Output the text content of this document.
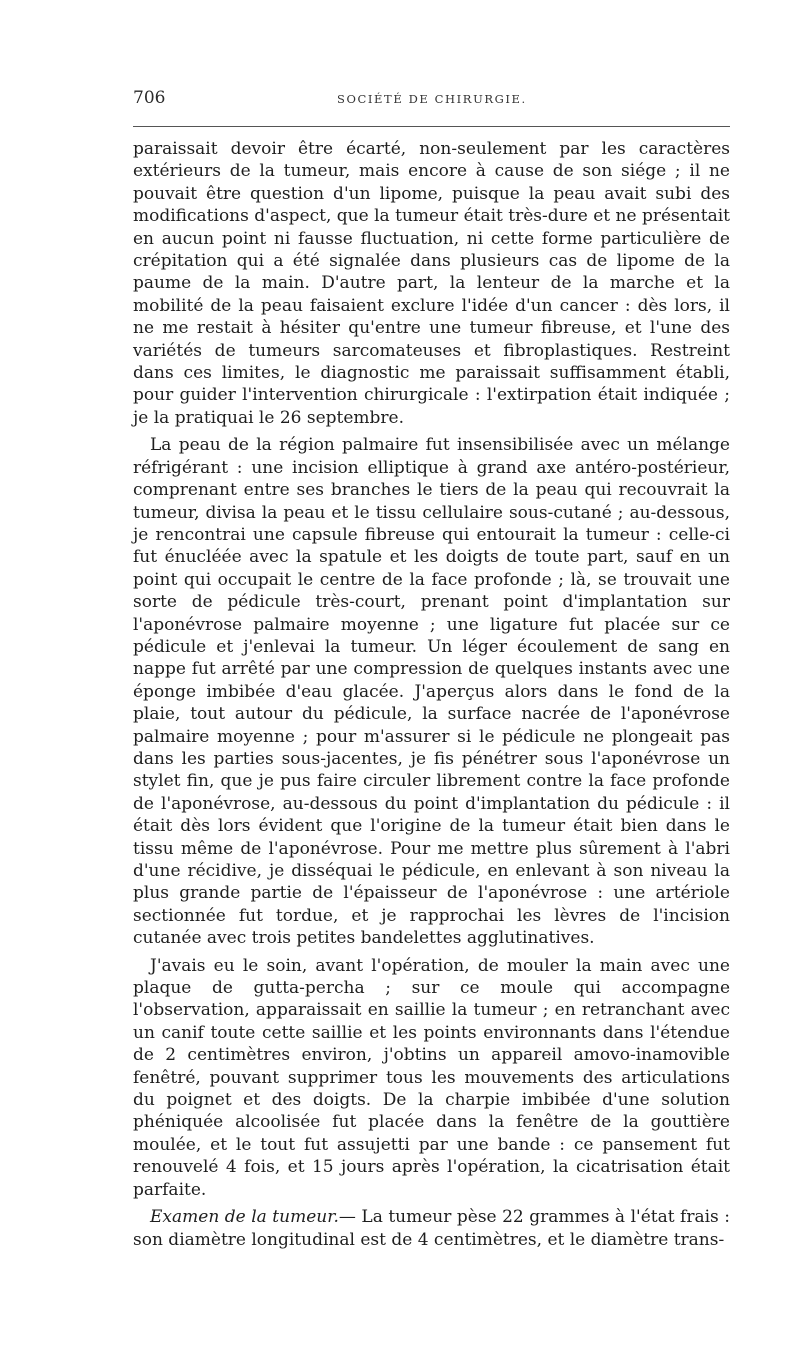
706	SOCIÉTÉ DE CHIRURGIE.

paraissait devoir être écarté, non-seulement par les caractères extérieurs de la tumeur, mais encore à cause de son siége ; il ne pouvait être question d'un lipome, puisque la peau avait subi des modifications d'aspect, que la tumeur était très-dure et ne présentait en aucun point ni fausse fluctuation, ni cette forme particulière de crépitation qui a été signalée dans plusieurs cas de lipome de la paume de la main. D'autre part, la lenteur de la marche et la mobilité de la peau faisaient exclure l'idée d'un cancer : dès lors, il ne me restait à hésiter qu'entre une tumeur fibreuse, et l'une des variétés de tumeurs sarcomateuses et fibroplastiques. Restreint dans ces limites, le diagnostic me paraissait suffisamment établi, pour guider l'intervention chirurgicale : l'extirpation était indiquée ; je la pratiquai le 26 septembre.

La peau de la région palmaire fut insensibilisée avec un mélange réfrigérant : une incision elliptique à grand axe antéro-postérieur, comprenant entre ses branches le tiers de la peau qui recouvrait la tumeur, divisa la peau et le tissu cellulaire sous-cutané ; au-dessous, je rencontrai une capsule fibreuse qui entourait la tumeur : celle-ci fut énucléée avec la spatule et les doigts de toute part, sauf en un point qui occupait le centre de la face profonde ; là, se trouvait une sorte de pédicule très-court, prenant point d'implantation sur l'aponévrose palmaire moyenne ; une ligature fut placée sur ce pédicule et j'enlevai la tumeur. Un léger écoulement de sang en nappe fut arrêté par une compression de quelques instants avec une éponge imbibée d'eau glacée. J'aperçus alors dans le fond de la plaie, tout autour du pédicule, la surface nacrée de l'aponévrose palmaire moyenne ; pour m'assurer si le pédicule ne plongeait pas dans les parties sous-jacentes, je fis pénétrer sous l'aponévrose un stylet fin, que je pus faire circuler librement contre la face profonde de l'aponévrose, au-dessous du point d'implantation du pédicule : il était dès lors évident que l'origine de la tumeur était bien dans le tissu même de l'aponévrose. Pour me mettre plus sûrement à l'abri d'une récidive, je disséquai le pédicule, en enlevant à son niveau la plus grande partie de l'épaisseur de l'aponévrose : une artériole sectionnée fut tordue, et je rapprochai les lèvres de l'incision cutanée avec trois petites bandelettes agglutinatives.

J'avais eu le soin, avant l'opération, de mouler la main avec une plaque de gutta-percha ; sur ce moule qui accompagne l'observation, apparaissait en saillie la tumeur ; en retranchant avec un canif toute cette saillie et les points environnants dans l'étendue de 2 centimètres environ, j'obtins un appareil amovo-inamovible fenêtré, pouvant supprimer tous les mouvements des articulations du poignet et des doigts. De la charpie imbibée d'une solution phéniquée alcoolisée fut placée dans la fenêtre de la gouttière moulée, et le tout fut assujetti par une bande : ce pansement fut renouvelé 4 fois, et 15 jours après l'opération, la cicatrisation était parfaite.

Examen de la tumeur.— La tumeur pèse 22 grammes à l'état frais : son diamètre longitudinal est de 4 centimètres, et le diamètre trans-
